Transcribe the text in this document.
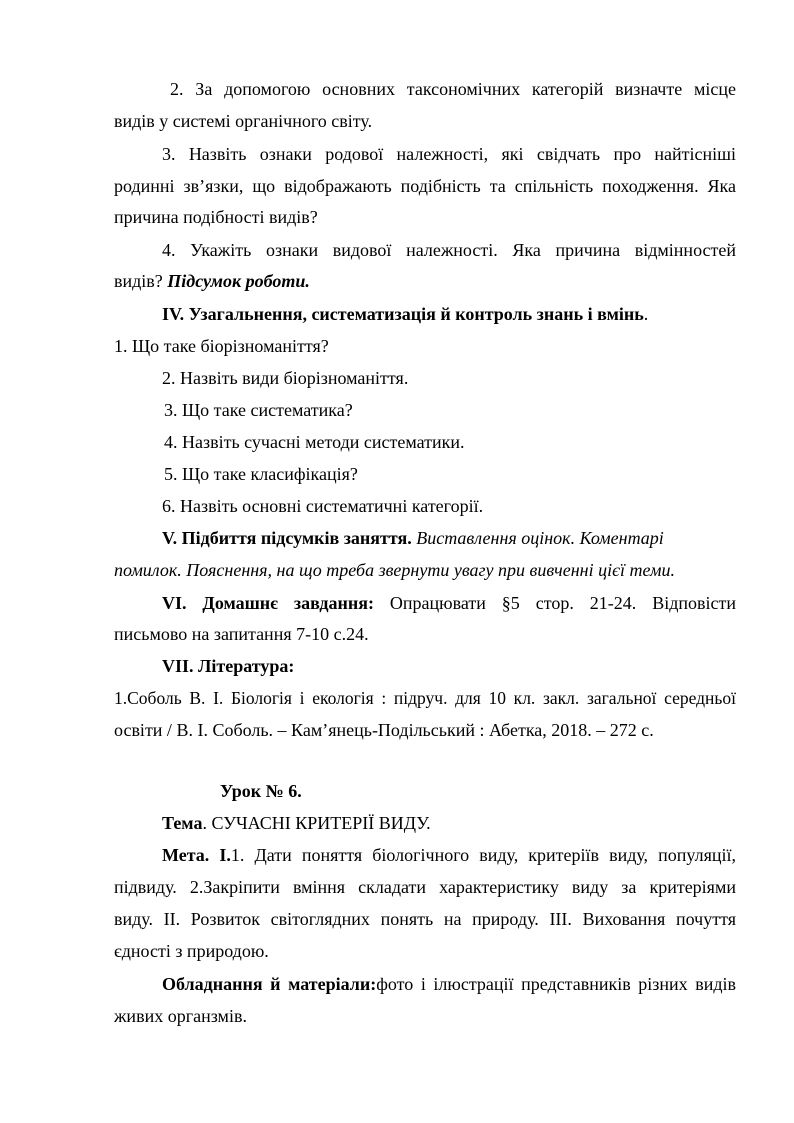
2. За допомогою основних таксономічних категорій визначте місце
видів у системі органічного світу.
3. Назвіть ознаки родової належності, які свідчать про найтісніші
родинні зв’язки, що відображають подібність та спільність походження. Яка
причина подібності видів?
4. Укажіть ознаки видової належності. Яка причина відмінностей
видів? Підсумок роботи.
IV. Узагальнення, систематизація й контроль знань і вмінь.
1. Що таке біорізноманіття?
2. Назвіть види біорізноманіття.
3. Що таке систематика?
4. Назвіть сучасні методи систематики.
5. Що таке класифікація?
6. Назвіть основні систематичні категорії.
V. Підбиття підсумків заняття. Виставлення оцінок. Коментарі
помилок. Пояснення, на що треба звернути увагу при вивченні цієї теми.
VI. Домашнє завдання: Опрацювати §5 стор. 21-24. Відповісти
письмово на запитання 7-10 с.24.
VII. Література:
1.Соболь В. І. Біологія і екологія : підруч. для 10 кл. закл. загальної середньої
освіти / В. І. Соболь. – Кам’янець-Подільський : Абетка, 2018. – 272 с.
Урок № 6.
Тема. СУЧАСНІ КРИТЕРІЇ ВИДУ.
Мета. І.1. Дати поняття біологічного виду, критеріїв виду, популяції,
підвиду. 2.Закріпити вміння складати характеристику виду за критеріями
виду. ІІ. Розвиток світоглядних понять на природу. ІІІ. Виховання почуття
єдності з природою.
Обладнання й матеріали:фото і ілюстрації представників різних видів
живих органзмів.
